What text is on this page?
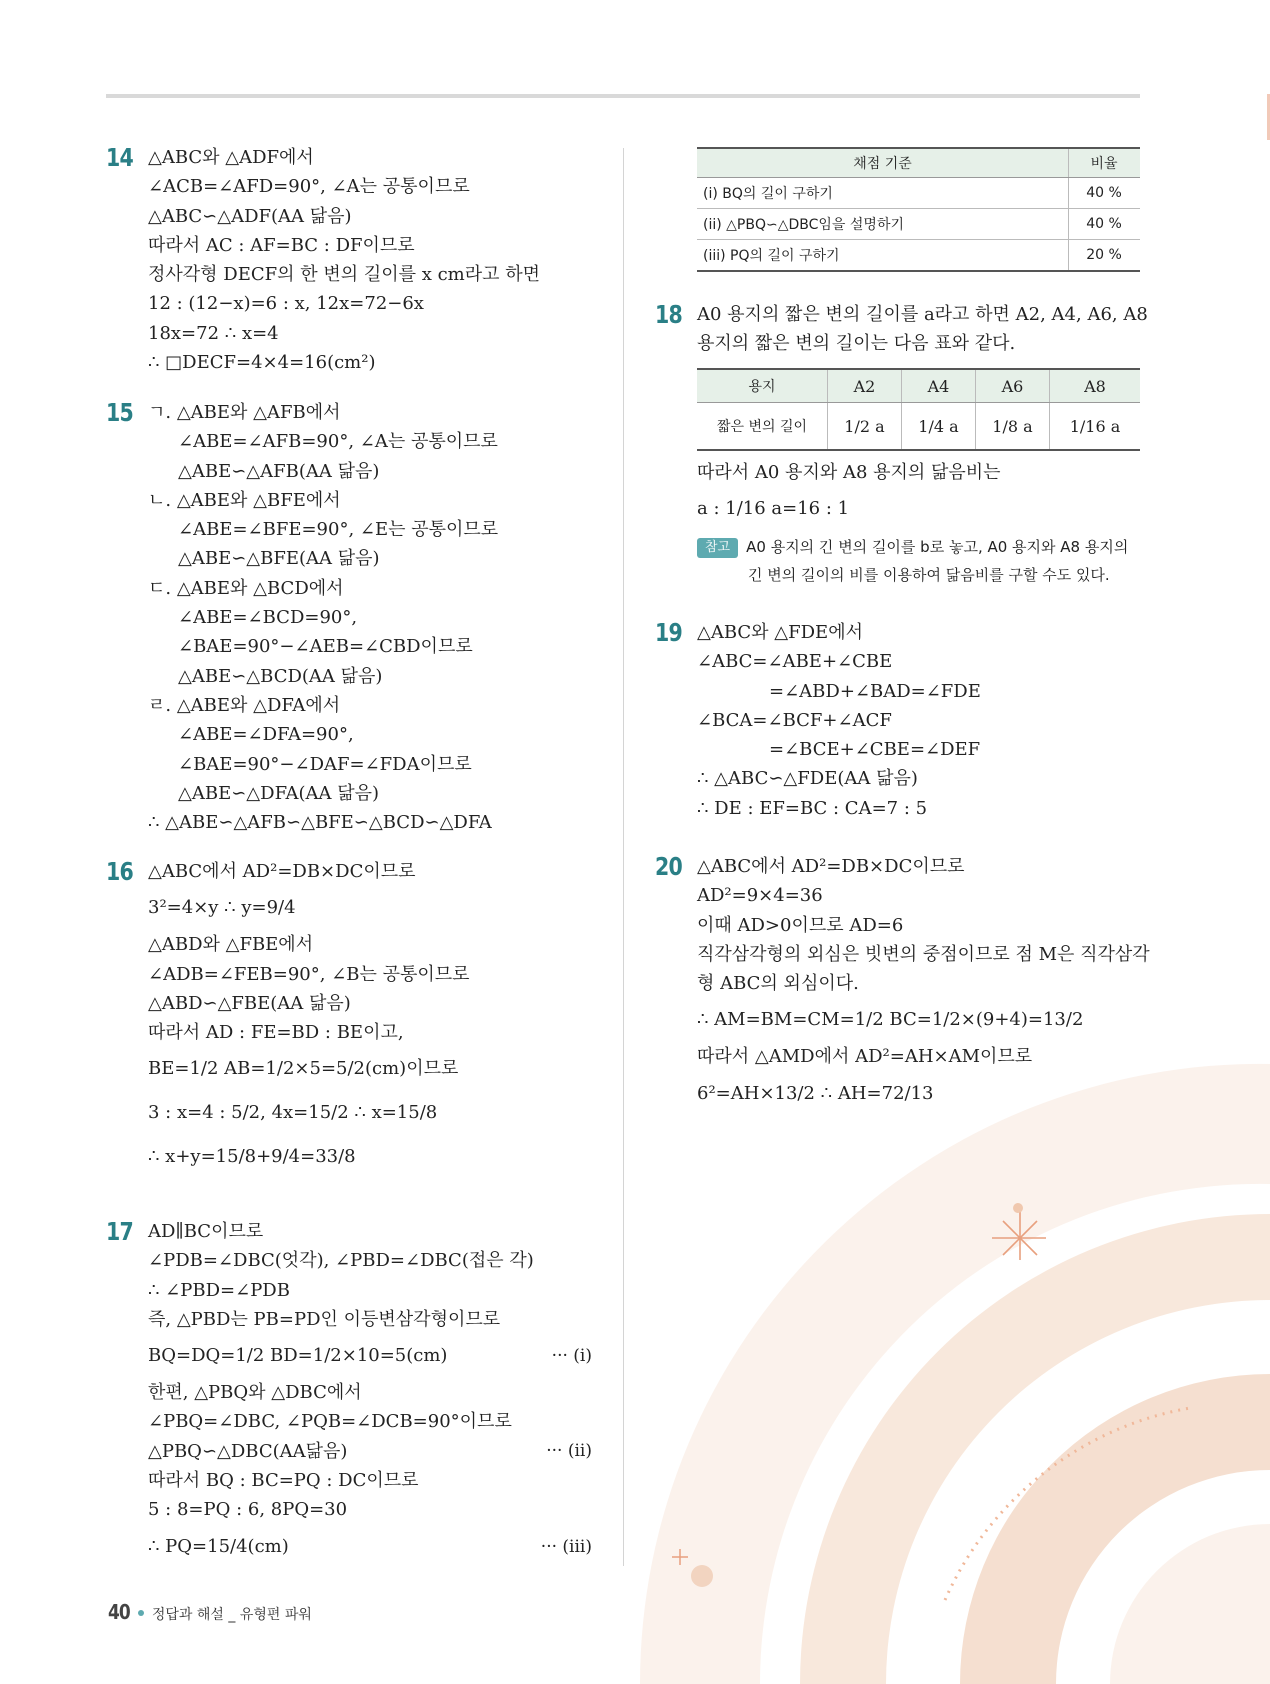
14 △ABC와 △ADF에서
∠ACB=∠AFD=90°, ∠A는 공통이므로
△ABC∽△ADF(AA 닮음)
따라서 AC : AF=BC : DF이므로
정사각형 DECF의 한 변의 길이를 x cm라고 하면
12 : (12−x)=6 : x, 12x=72−6x
18x=72 ∴ x=4
∴ □DECF=4×4=16(cm²)
15 ㄱ. △ABE와 △AFB에서
∠ABE=∠AFB=90°, ∠A는 공통이므로
△ABE∽△AFB(AA 닮음)
ㄴ. △ABE와 △BFE에서
∠ABE=∠BFE=90°, ∠E는 공통이므로
△ABE∽△BFE(AA 닮음)
ㄷ. △ABE와 △BCD에서
∠ABE=∠BCD=90°,
∠BAE=90°−∠AEB=∠CBD이므로
△ABE∽△BCD(AA 닮음)
ㄹ. △ABE와 △DFA에서
∠ABE=∠DFA=90°,
∠BAE=90°−∠DAF=∠FDA이므로
△ABE∽△DFA(AA 닮음)
∴ △ABE∽△AFB∽△BFE∽△BCD∽△DFA
16 △ABC에서 AD²=DB×DC이므로
3²=4×y ∴ y=9/4
△ABD와 △FBE에서
∠ADB=∠FEB=90°, ∠B는 공통이므로
△ABD∽△FBE(AA 닮음)
따라서 AD : FE=BD : BE이고,
BE=1/2 AB=1/2×5=5/2(cm)이므로
3 : x=4 : 5/2, 4x=15/2 ∴ x=15/8
∴ x+y=15/8+9/4=33/8
17 AD∥BC이므로
∠PDB=∠DBC(엇각), ∠PBD=∠DBC(접은 각)
∴ ∠PBD=∠PDB
즉, △PBD는 PB=PD인 이등변삼각형이므로
··· (i)
BQ=DQ=1/2 BD=1/2×10=5(cm)
한편, △PBQ와 △DBC에서
∠PBQ=∠DBC, ∠PQB=∠DCB=90°이므로
··· (ii)
△PBQ∽△DBC(AA닮음)
따라서 BQ : BC=PQ : DC이므로
5 : 8=PQ : 6, 8PQ=30
··· (iii)
∴ PQ=15/4(cm)
채점 기준	비율
(i) BQ의 길이 구하기	40 %
(ii) △PBQ∽△DBC임을 설명하기	40 %
(iii) PQ의 길이 구하기	20 %
18 A0 용지의 짧은 변의 길이를 a라고 하면 A2, A4, A6, A8
용지의 짧은 변의 길이는 다음 표와 같다.
용지	A2	A4	A6	A8
짧은 변의 길이	1/2 a	1/4 a	1/8 a	1/16 a
따라서 A0 용지와 A8 용지의 닮음비는
a : 1/16 a=16 : 1
참고 A0 용지의 긴 변의 길이를 b로 놓고, A0 용지와 A8 용지의
긴 변의 길이의 비를 이용하여 닮음비를 구할 수도 있다.
19 △ABC와 △FDE에서
∠ABC=∠ABE+∠CBE
=∠ABD+∠BAD=∠FDE
∠BCA=∠BCF+∠ACF
=∠BCE+∠CBE=∠DEF
∴ △ABC∽△FDE(AA 닮음)
∴ DE : EF=BC : CA=7 : 5
20 △ABC에서 AD²=DB×DC이므로
AD²=9×4=36
이때 AD>0이므로 AD=6
직각삼각형의 외심은 빗변의 중점이므로 점 M은 직각삼각
형 ABC의 외심이다.
∴ AM=BM=CM=1/2 BC=1/2×(9+4)=13/2
따라서 △AMD에서 AD²=AH×AM이므로
6²=AH×13/2 ∴ AH=72/13
40 정답과 해설 _ 유형편 파워
